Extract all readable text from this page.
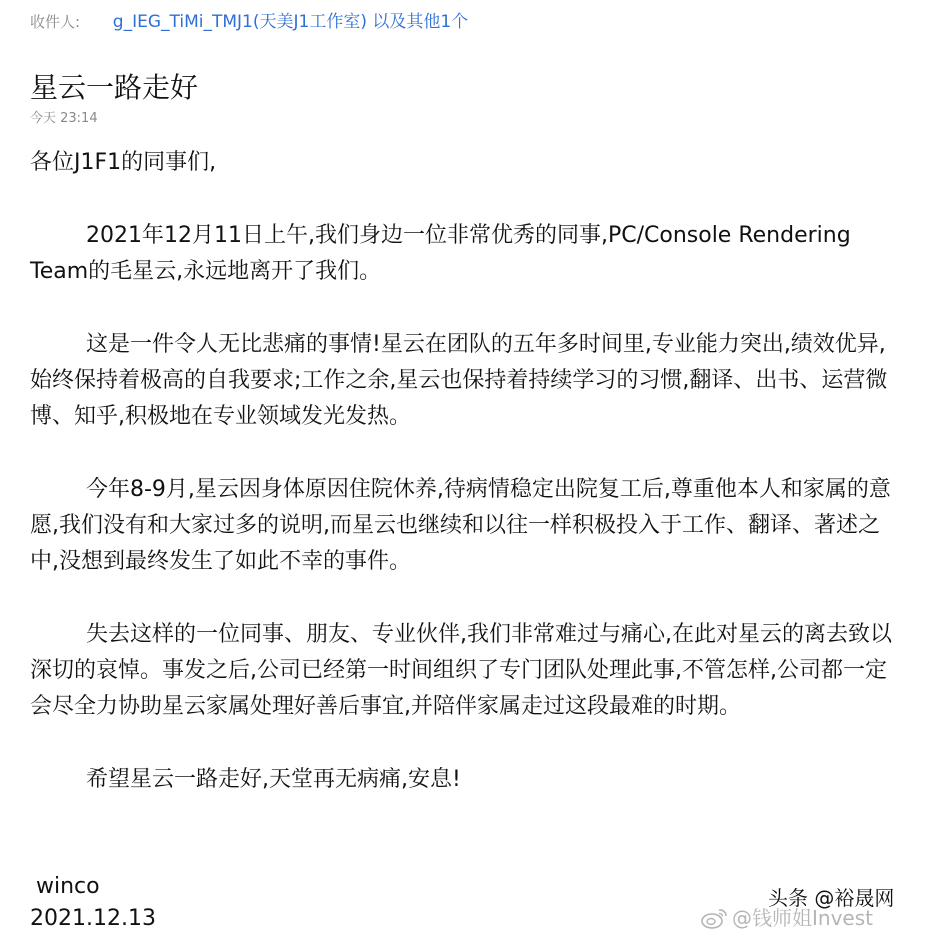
收件人: g_IEG_TiMi_TMJ1(天美J1工作室) 以及其他1个
星云一路走好
今天 23:14

各位J1F1的同事们,

2021年12月11日上午,我们身边一位非常优秀的同事,PC/Console Rendering Team的毛星云,永远地离开了我们。

这是一件令人无比悲痛的事情!星云在团队的五年多时间里,专业能力突出,绩效优异,始终保持着极高的自我要求;工作之余,星云也保持着持续学习的习惯,翻译、出书、运营微博、知乎,积极地在专业领域发光发热。

今年8-9月,星云因身体原因住院休养,待病情稳定出院复工后,尊重他本人和家属的意愿,我们没有和大家过多的说明,而星云也继续和以往一样积极投入于工作、翻译、著述之中,没想到最终发生了如此不幸的事件。

失去这样的一位同事、朋友、专业伙伴,我们非常难过与痛心,在此对星云的离去致以深切的哀悼。事发之后,公司已经第一时间组织了专门团队处理此事,不管怎样,公司都一定会尽全力协助星云家属处理好善后事宜,并陪伴家属走过这段最难的时期。

希望星云一路走好,天堂再无病痛,安息!

winco
2021.12.13
头条 @裕晟网
@钱师姐Invest
